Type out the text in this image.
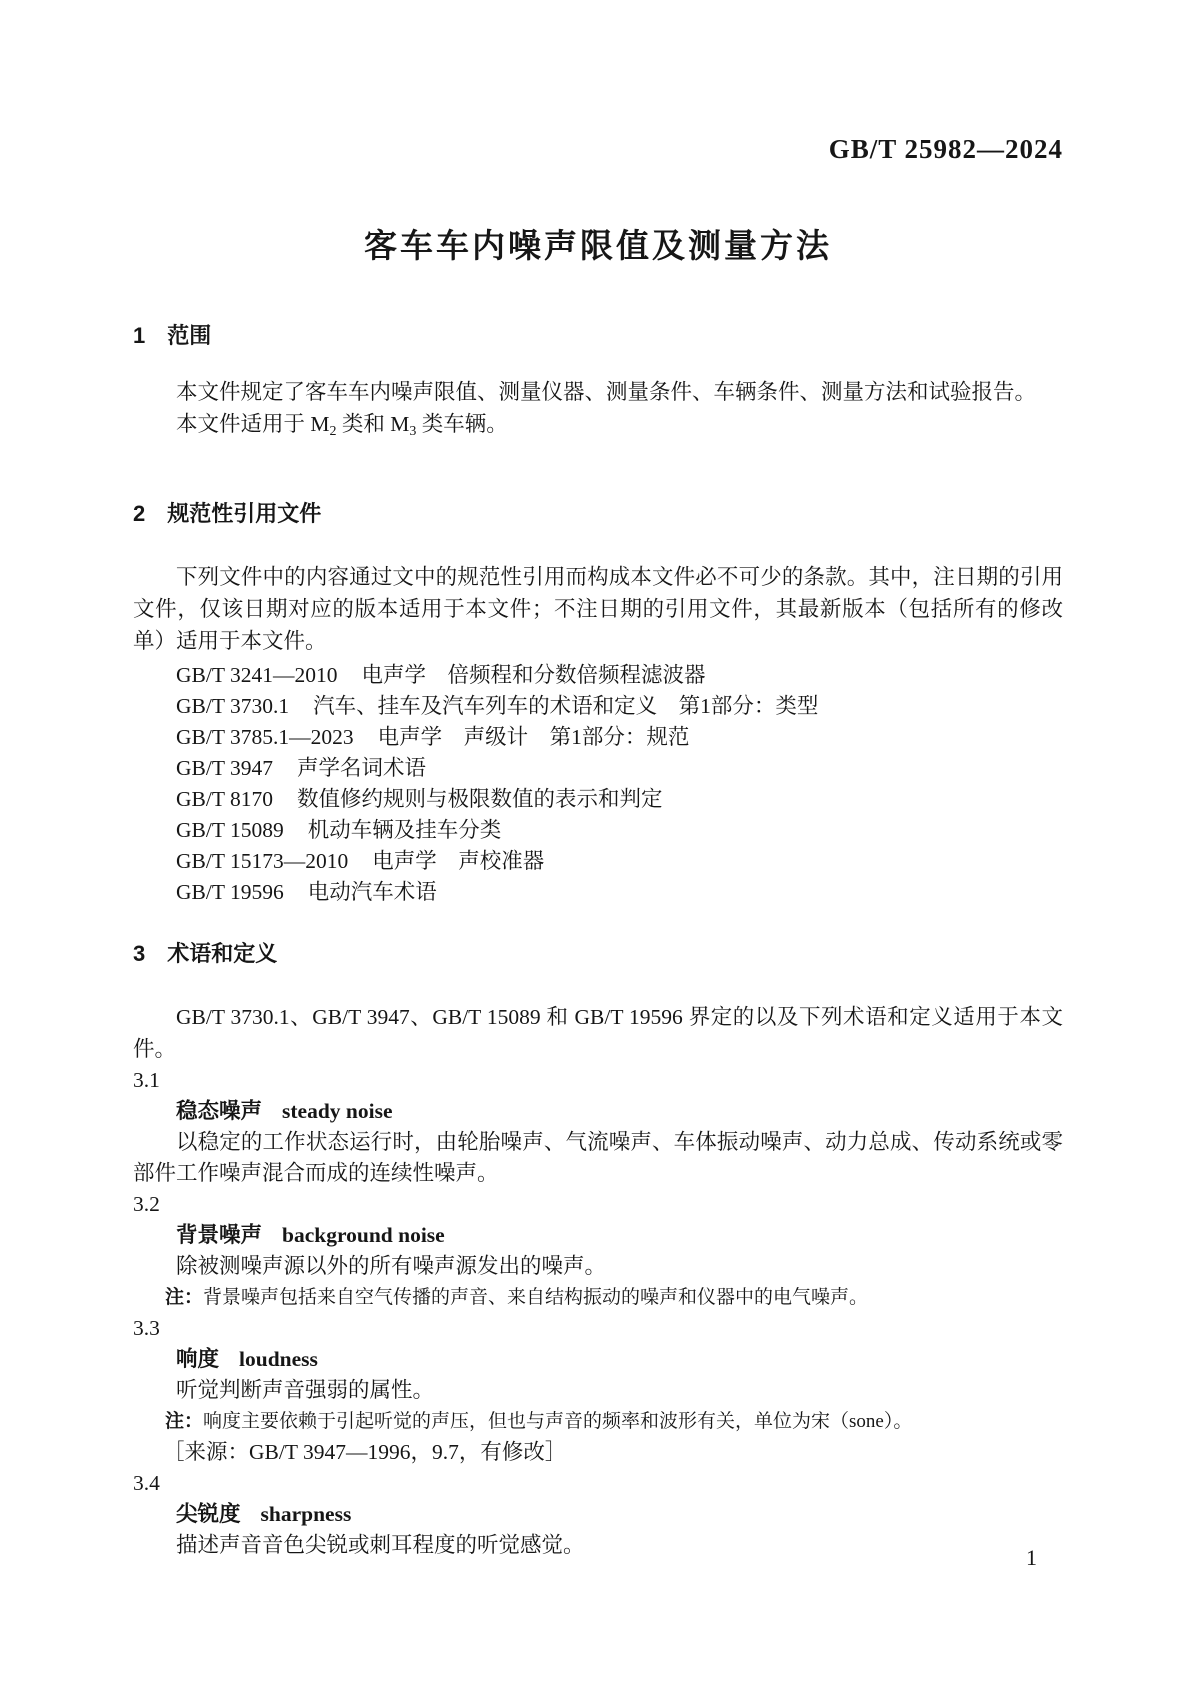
GB/T 25982—2024
客车车内噪声限值及测量方法
1 范围

本文件规定了客车车内噪声限值、测量仪器、测量条件、车辆条件、测量方法和试验报告。

本文件适用于 $M_2$ 类和 $M_3$ 类车辆。

2 规范性引用文件

下列文件中的内容通过文中的规范性引用而构成本文件必不可少的条款。其中，注日期的引用文件，仅该日期对应的版本适用于本文件；不注日期的引用文件，其最新版本（包括所有的修改单）适用于本文件。

GB/T 3241—2010 电声学　倍频程和分数倍频程滤波器
GB/T 3730.1 汽车、挂车及汽车列车的术语和定义　第1部分：类型
GB/T 3785.1—2023 电声学　声级计　第1部分：规范
GB/T 3947 声学名词术语
GB/T 8170 数值修约规则与极限数值的表示和判定
GB/T 15089 机动车辆及挂车分类
GB/T 15173—2010 电声学　声校准器
GB/T 19596 电动汽车术语
3 术语和定义

GB/T 3730.1、GB/T 3947、GB/T 15089 和 GB/T 19596 界定的以及下列术语和定义适用于本文件。

3.1
稳态噪声 steady noise

以稳定的工作状态运行时，由轮胎噪声、气流噪声、车体振动噪声、动力总成、传动系统或零部件工作噪声混合而成的连续性噪声。

3.2
背景噪声 background noise

除被测噪声源以外的所有噪声源发出的噪声。

注：背景噪声包括来自空气传播的声音、来自结构振动的噪声和仪器中的电气噪声。
3.3
响度 loudness

听觉判断声音强弱的属性。

注：响度主要依赖于引起听觉的声压，但也与声音的频率和波形有关，单位为宋（sone）。
［来源：GB/T 3947—1996，9.7，有修改］
3.4
尖锐度 sharpness

描述声音音色尖锐或刺耳程度的听觉感觉。	1
